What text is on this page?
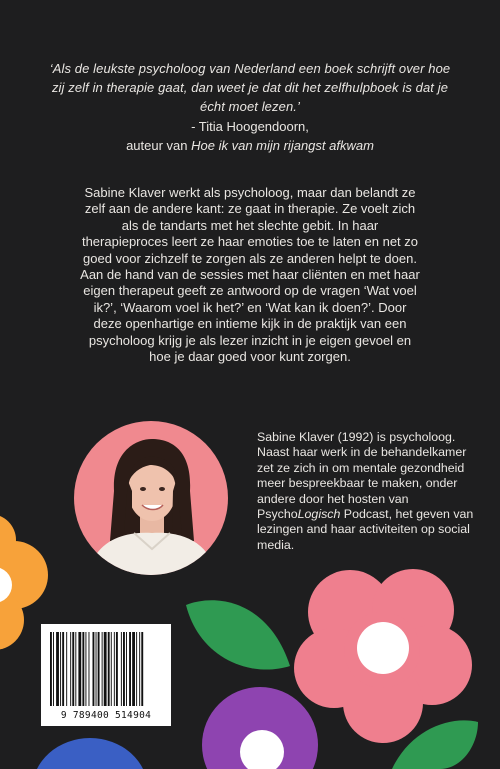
‘Als de leukste psycholoog van Nederland een boek schrijft over hoe zij zelf in therapie gaat, dan weet je dat dit het zelfhulpboek is dat je écht moet lezen.’
- Titia Hoogendoorn,
auteur van Hoe ik van mijn rijangst afkwam
Sabine Klaver werkt als psycholoog, maar dan belandt ze zelf aan de andere kant: ze gaat in therapie. Ze voelt zich als de tandarts met het slechte gebit. In haar therapieproces leert ze haar emoties toe te laten en net zo goed voor zichzelf te zorgen als ze anderen helpt te doen. Aan de hand van de sessies met haar cliënten en met haar eigen therapeut geeft ze antwoord op de vragen ‘Wat voel ik?’, ‘Waarom voel ik het?’ en ‘Wat kan ik doen?’. Door deze openhartige en intieme kijk in de praktijk van een psycholoog krijg je als lezer inzicht in je eigen gevoel en hoe je daar goed voor kunt zorgen.
Sabine Klaver (1992) is psycholoog. Naast haar werk in de behandelkamer zet ze zich in om mentale gezondheid meer bespreekbaar te maken, onder andere door het hosten van PsychoLogisch Podcast, het geven van lezingen and haar activiteiten op social media.
9 789400 514904
